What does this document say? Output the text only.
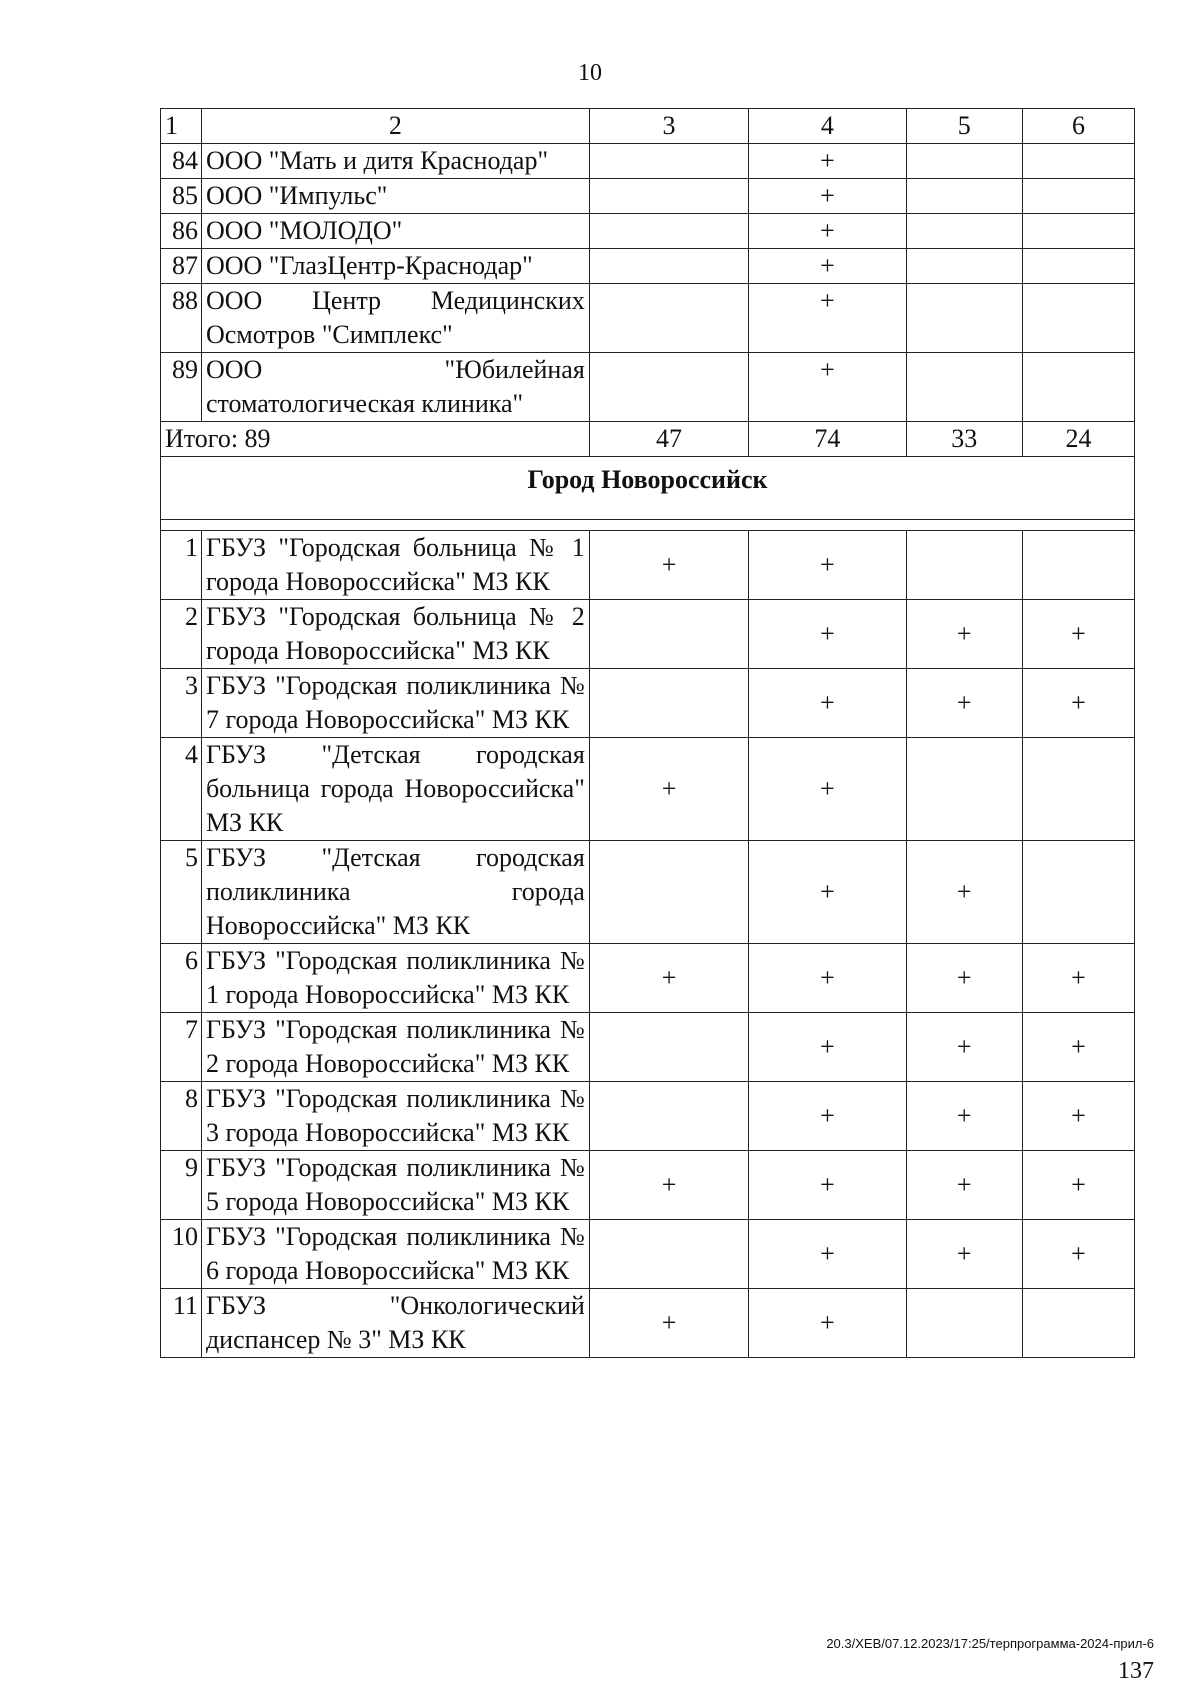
10
1	2	3	4	5	6
84	ООО "Мать и дитя Краснодар"		+		
85	ООО "Импульс"		+		
86	ООО "МОЛОДО"		+		
87	ООО "ГлазЦентр-Краснодар"		+		
88	ООО Центр Медицинских Осмотров "Симплекс"		+		
89	ООО "Юбилейная стоматологическая клиника"		+		
Итого: 89		47	74	33	24
Город Новороссийск					

1	ГБУЗ "Городская больница № 1 города Новороссийска" МЗ КК	+	+		
2	ГБУЗ "Городская больница № 2 города Новороссийска" МЗ КК		+	+	+
3	ГБУЗ "Городская поликлиника № 7 города Новороссийска" МЗ КК		+	+	+
4	ГБУЗ "Детская городская больница города Новороссийска" МЗ КК	+	+		
5	ГБУЗ "Детская городская поликлиника города Новороссийска" МЗ КК		+	+	
6	ГБУЗ "Городская поликлиника № 1 города Новороссийска" МЗ КК	+	+	+	+
7	ГБУЗ "Городская поликлиника № 2 города Новороссийска" МЗ КК		+	+	+
8	ГБУЗ "Городская поликлиника № 3 города Новороссийска" МЗ КК		+	+	+
9	ГБУЗ "Городская поликлиника № 5 города Новороссийска" МЗ КК	+	+	+	+
10	ГБУЗ "Городская поликлиника № 6 города Новороссийска" МЗ КК		+	+	+
11	ГБУЗ "Онкологический диспансер № 3" МЗ КК	+	+		
20.3/ХЕВ/07.12.2023/17:25/терпрограмма-2024-прил-6
137
